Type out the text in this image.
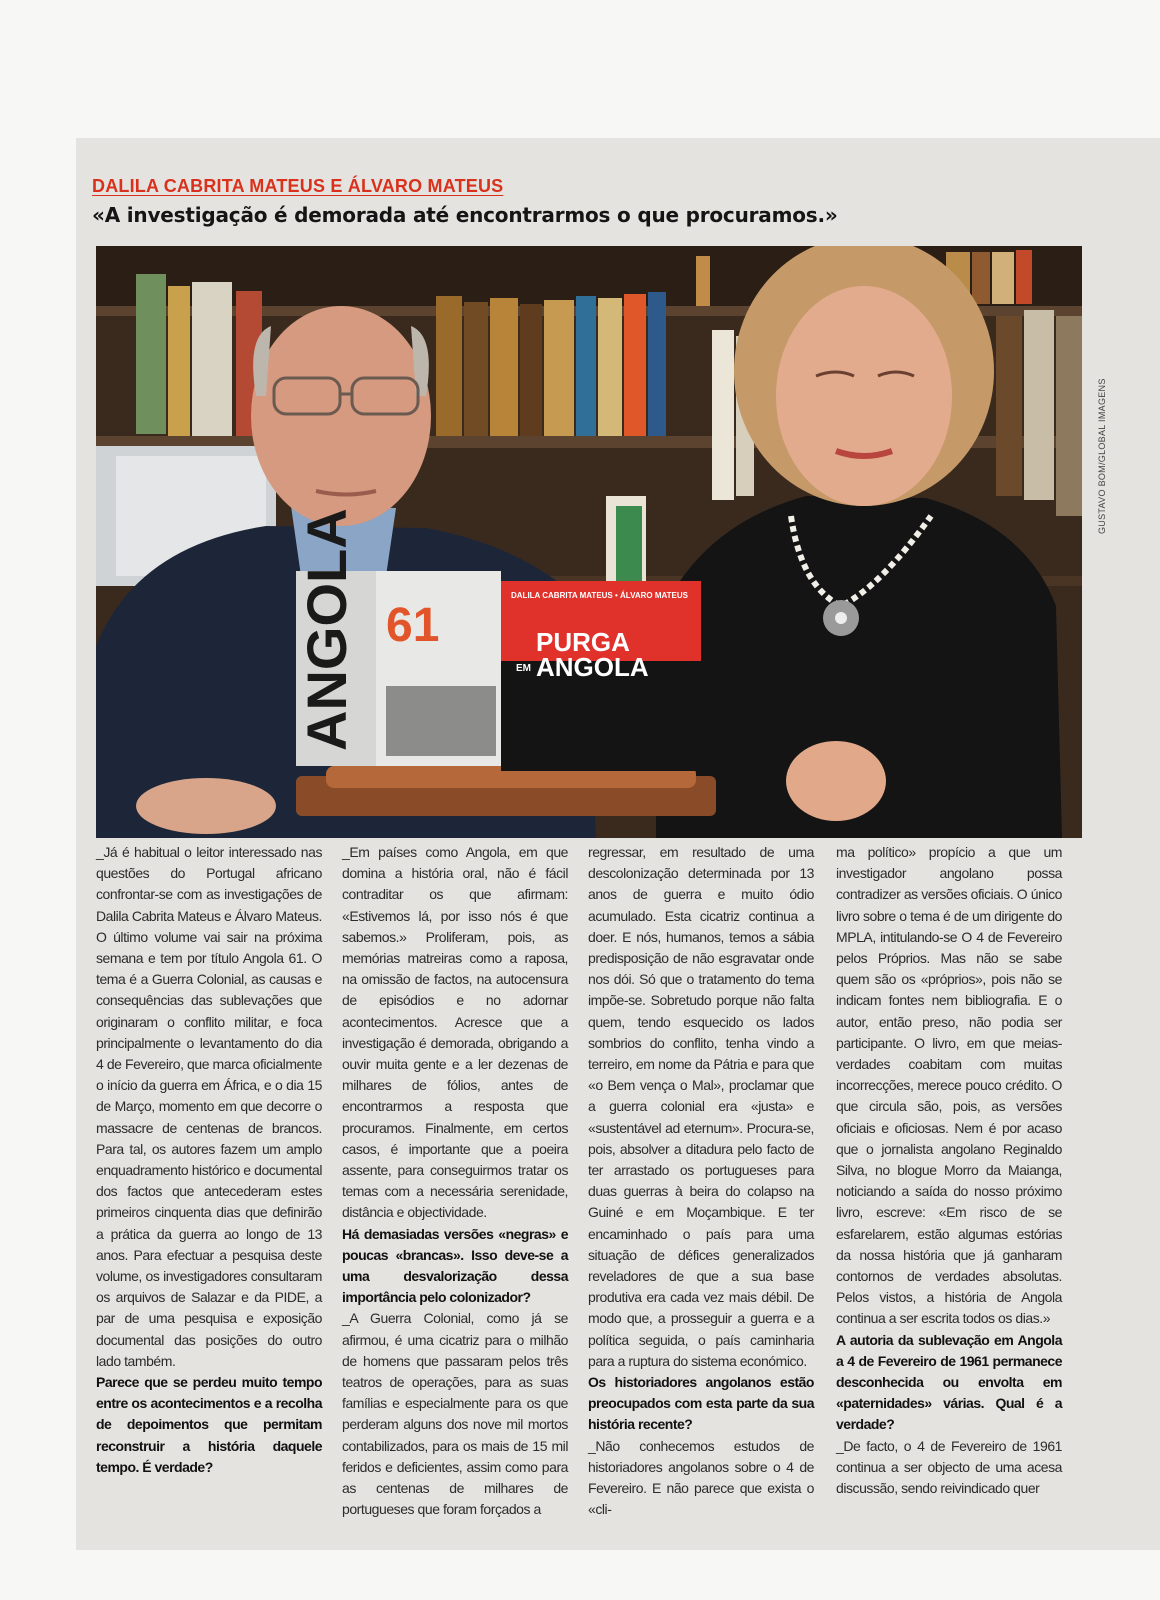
DALILA CABRITA MATEUS E ÁLVARO MATEUS
«A investigação é demorada até encontrarmos o que procuramos.»
ANGOLA 61
DALILA CABRITA MATEUS • ÁLVARO MATEUS
PURGA
EM ANGOLA
GUSTAVO BOM/GLOBAL IMAGENS

_ Já é habitual o leitor interessado nas questões do Portugal africano confrontar-se com as investigações de Dalila Cabrita Mateus e Álvaro Mateus. O último volume vai sair na próxima semana e tem por título Angola 61. O tema é a Guerra Colonial, as causas e consequências das sublevações que originaram o conflito militar, e foca principalmente o levantamento do dia 4 de Fevereiro, que marca oficialmente o início da guerra em África, e o dia 15 de Março, momento em que decorre o massacre de centenas de brancos. Para tal, os autores fazem um amplo enquadramento histórico e documental dos factos que antecederam estes primeiros cinquenta dias que definirão a prática da guerra ao longo de 13 anos. Para efectuar a pesquisa deste volume, os investigadores consultaram os arquivos de Salazar e da PIDE, a par de uma pesquisa e exposição documental das posições do outro lado também.

Parece que se perdeu muito tempo entre os acontecimentos e a recolha de depoimentos que permitam reconstruir a história daquele tempo. É verdade?

_ Em países como Angola, em que domina a história oral, não é fácil contraditar os que afirmam: «Estivemos lá, por isso nós é que sabemos.» Proliferam, pois, as memórias matreiras como a raposa, na omissão de factos, na autocensura de episódios e no adornar acontecimentos. Acresce que a investigação é demorada, obrigando a ouvir muita gente e a ler dezenas de milhares de fólios, antes de encontrarmos a resposta que procuramos. Finalmente, em certos casos, é importante que a poeira assente, para conseguirmos tratar os temas com a necessária serenidade, distância e objectividade.

Há demasiadas versões «negras» e poucas «brancas». Isso deve-se a uma desvalorização dessa importância pelo colonizador?

_ A Guerra Colonial, como já se afirmou, é uma cicatriz para o milhão de homens que passaram pelos três teatros de operações, para as suas famílias e especialmente para os que perderam alguns dos nove mil mortos contabilizados, para os mais de 15 mil feridos e deficientes, assim como para as centenas de milhares de portugueses que foram forçados a

regressar, em resultado de uma descolonização determinada por 13 anos de guerra e muito ódio acumulado. Esta cicatriz continua a doer. E nós, humanos, temos a sábia predisposição de não esgravatar onde nos dói. Só que o tratamento do tema impõe-se. Sobretudo porque não falta quem, tendo esquecido os lados sombrios do conflito, tenha vindo a terreiro, em nome da Pátria e para que «o Bem vença o Mal», proclamar que a guerra colonial era «justa» e «sustentável ad eternum». Procura-se, pois, absolver a ditadura pelo facto de ter arrastado os portugueses para duas guerras à beira do colapso na Guiné e em Moçambique. E ter encaminhado o país para uma situação de défices generalizados reveladores de que a sua base produtiva era cada vez mais débil. De modo que, a prosseguir a guerra e a política seguida, o país caminharia para a ruptura do sistema económico.

Os historiadores angolanos estão preocupados com esta parte da sua história recente?

_ Não conhecemos estudos de historiadores angolanos sobre o 4 de Fevereiro. E não parece que exista o «cli-

ma político» propício a que um investigador angolano possa contradizer as versões oficiais. O único livro sobre o tema é de um dirigente do MPLA, intitulando-se O 4 de Fevereiro pelos Próprios. Mas não se sabe quem são os «próprios», pois não se indicam fontes nem bibliografia. E o autor, então preso, não podia ser participante. O livro, em que meias-verdades coabitam com muitas incorrecções, merece pouco crédito. O que circula são, pois, as versões oficiais e oficiosas. Nem é por acaso que o jornalista angolano Reginaldo Silva, no blogue Morro da Maianga, noticiando a saída do nosso próximo livro, escreve: «Em risco de se esfarelarem, estão algumas estórias da nossa história que já ganharam contornos de verdades absolutas. Pelos vistos, a história de Angola continua a ser escrita todos os dias.»

A autoria da sublevação em Angola a 4 de Fevereiro de 1961 permanece desconhecida ou envolta em «paternidades» várias. Qual é a verdade?

_ De facto, o 4 de Fevereiro de 1961 continua a ser objecto de uma acesa discussão, sendo reivindicado quer
